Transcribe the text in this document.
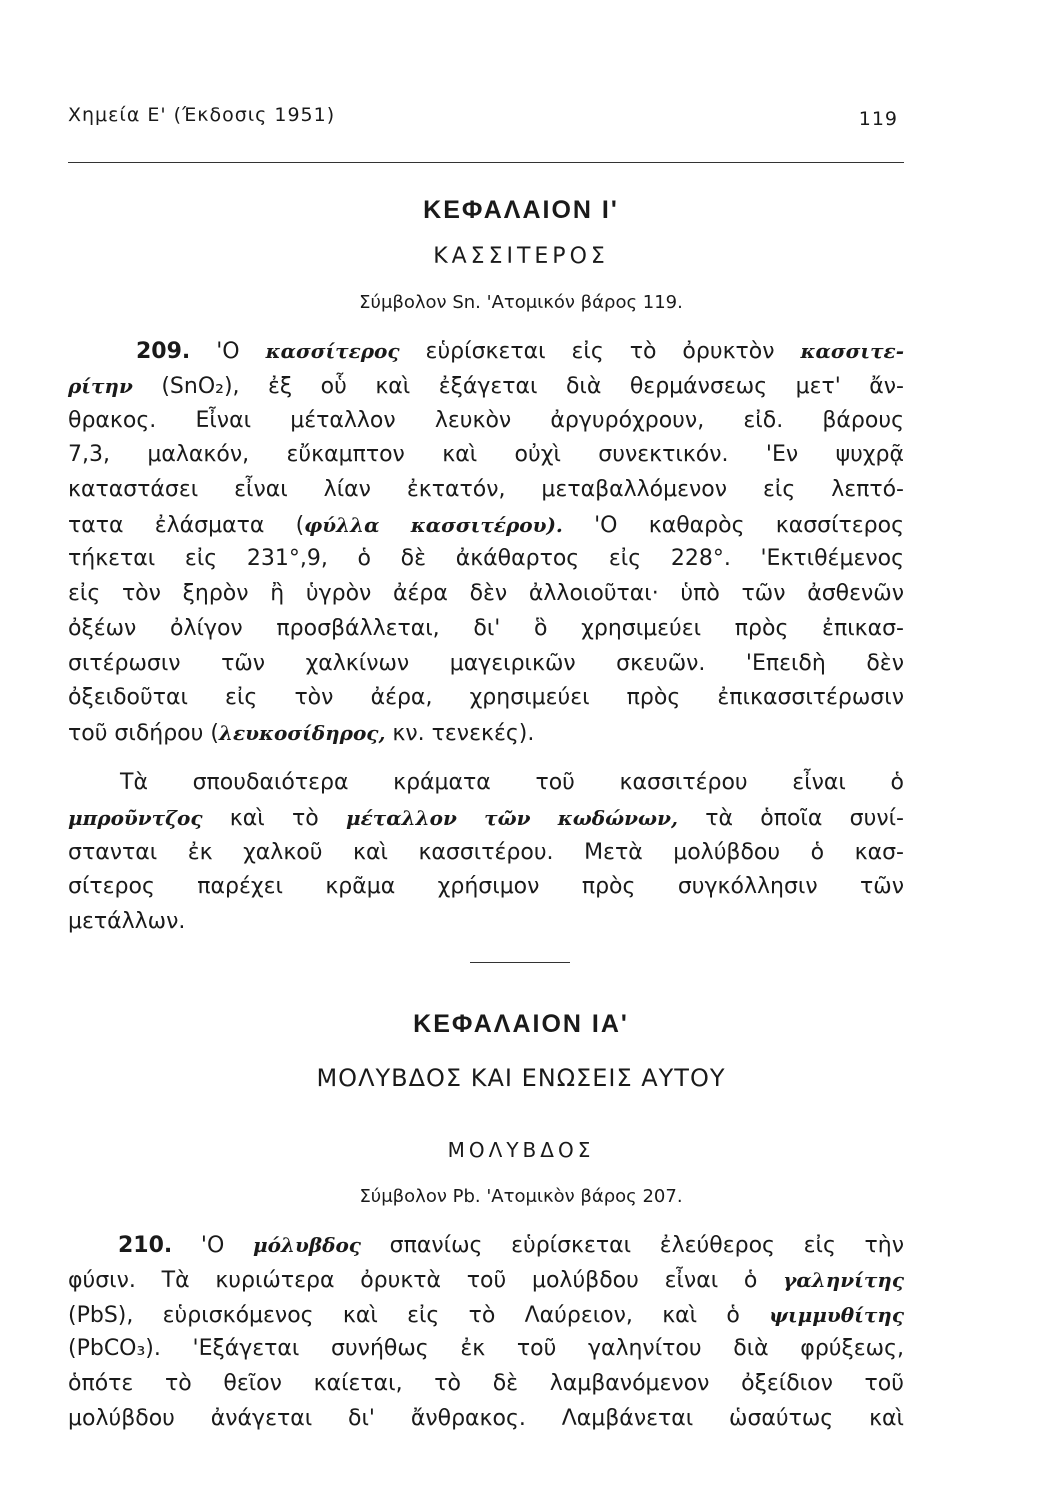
Χημεία Ε' (Έκδοσις 1951)	119
ΚΕΦΑΛΑΙΟΝ Ι'
ΚΑΣΣΙΤΕΡΟΣ
Σύμβολον Sn. 'Ατομικόν βάρος 119.
209. 'Ο κασσίτερος εὑρίσκεται εἰς τὸ ὀρυκτὸν κασσιτε-
ρίτην (SnO₂), ἐξ οὗ καὶ ἐξάγεται διὰ θερμάνσεως μετ' ἄν-
θρακος. Εἶναι μέταλλον λευκὸν ἀργυρόχρουν, εἰδ. βάρους
7,3, μαλακόν, εὔκαμπτον καὶ οὐχὶ συνεκτικόν. 'Εν ψυχρᾷ
καταστάσει εἶναι λίαν ἐκτατόν, μεταβαλλόμενον εἰς λεπτό-
τατα ἐλάσματα (φύλλα κασσιτέρου). 'Ο καθαρὸς κασσίτερος
τήκεται εἰς 231°,9, ὁ δὲ ἀκάθαρτος εἰς 228°. 'Εκτιθέμενος
εἰς τὸν ξηρὸν ἢ ὑγρὸν ἀέρα δὲν ἀλλοιοῦται· ὑπὸ τῶν ἀσθενῶν
ὀξέων ὀλίγον προσβάλλεται, δι' ὃ χρησιμεύει πρὸς ἐπικασ-
σιτέρωσιν τῶν χαλκίνων μαγειρικῶν σκευῶν. 'Επειδὴ δὲν
ὀξειδοῦται εἰς τὸν ἀέρα, χρησιμεύει πρὸς ἐπικασσιτέρωσιν
τοῦ σιδήρου (λευκοσίδηρος, κν. τενεκές).
Τὰ σπουδαιότερα κράματα τοῦ κασσιτέρου εἶναι ὁ
μπροῦντζος καὶ τὸ μέταλλον τῶν κωδώνων, τὰ ὁποῖα συνί-
στανται ἐκ χαλκοῦ καὶ κασσιτέρου. Μετὰ μολύβδου ὁ κασ-
σίτερος παρέχει κρᾶμα χρήσιμον πρὸς συγκόλλησιν τῶν
μετάλλων.
ΚΕΦΑΛΑΙΟΝ ΙΑ'
ΜΟΛΥΒΔΟΣ ΚΑΙ ΕΝΩΣΕΙΣ ΑΥΤΟΥ
ΜΟΛΥΒΔΟΣ
Σύμβολον Pb. 'Ατομικὸν βάρος 207.
210. 'Ο μόλυβδος σπανίως εὑρίσκεται ἐλεύθερος εἰς τὴν
φύσιν. Τὰ κυριώτερα ὀρυκτὰ τοῦ μολύβδου εἶναι ὁ γαληνίτης
(PbS), εὑρισκόμενος καὶ εἰς τὸ Λαύρειον, καὶ ὁ ψιμμυθίτης
(PbCO₃). 'Εξάγεται συνήθως ἐκ τοῦ γαληνίτου διὰ φρύξεως,
ὁπότε τὸ θεῖον καίεται, τὸ δὲ λαμβανόμενον ὀξείδιον τοῦ
μολύβδου ἀνάγεται δι' ἄνθρακος. Λαμβάνεται ὡσαύτως καὶ
